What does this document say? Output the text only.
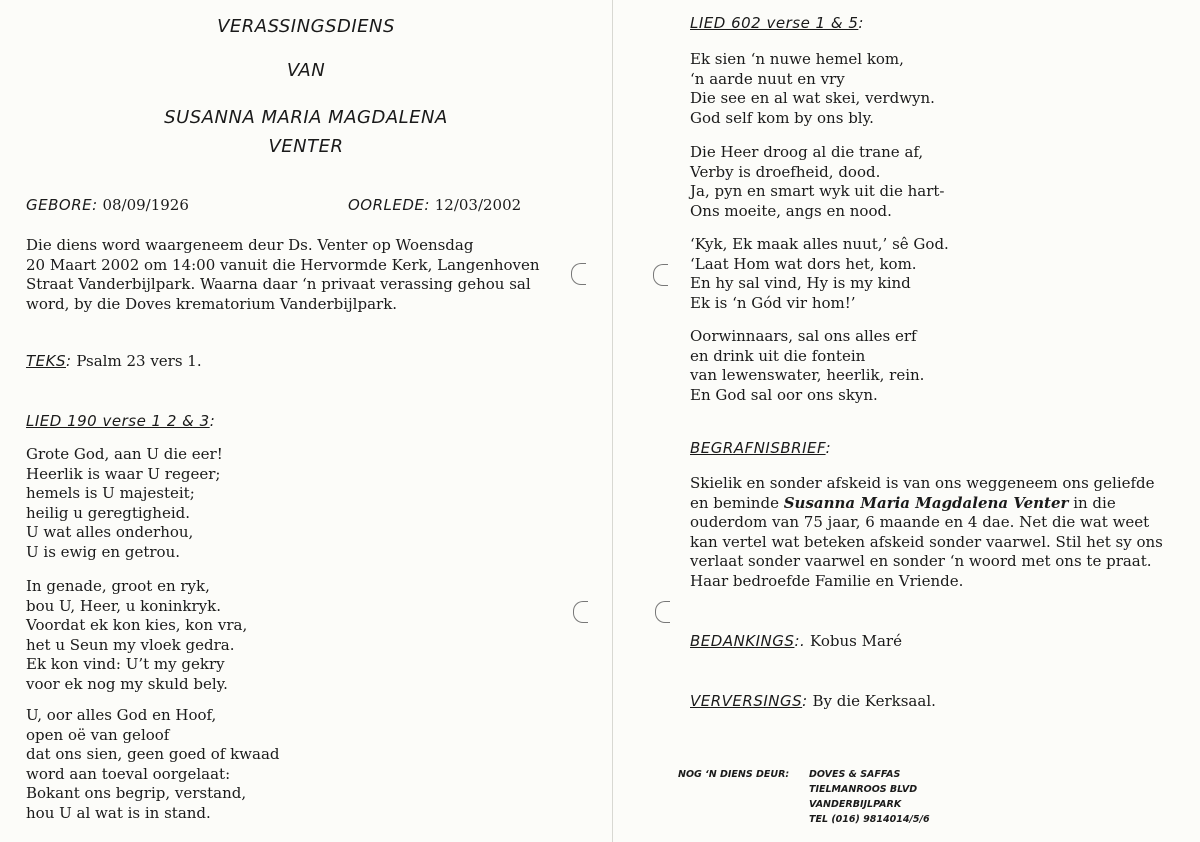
VERASSINGSDIENS
VAN
SUSANNA MARIA MAGDALENA
VENTER
GEBORE: 08/09/1926	OORLEDE: 12/03/2002
Die diens word waargeneem deur Ds. Venter op Woensdag
20 Maart 2002 om 14:00 vanuit die Hervormde Kerk, Langenhoven
Straat Vanderbijlpark. Waarna daar ‘n privaat verassing gehou sal
word, by die Doves krematorium Vanderbijlpark.
TEKS: Psalm 23 vers 1.
LIED 190 verse 1 2 & 3:
Grote God, aan U die eer!
Heerlik is waar U regeer;
hemels is U majesteit;
heilig u geregtigheid.
U wat alles onderhou,
U is ewig en getrou.
In genade, groot en ryk,
bou U, Heer, u koninkryk.
Voordat ek kon kies, kon vra,
het u Seun my vloek gedra.
Ek kon vind: U’t my gekry
voor ek nog my skuld bely.
U, oor alles God en Hoof,
open oë van geloof
dat ons sien, geen goed of kwaad
word aan toeval oorgelaat:
Bokant ons begrip, verstand,
hou U al wat is in stand.
LIED 602 verse 1 & 5:
Ek sien ‘n nuwe hemel kom,
‘n aarde nuut en vry
Die see en al wat skei, verdwyn.
God self kom by ons bly.
Die Heer droog al die trane af,
Verby is droefheid, dood.
Ja, pyn en smart wyk uit die hart-
Ons moeite, angs en nood.
‘Kyk, Ek maak alles nuut,’ sê God.
‘Laat Hom wat dors het, kom.
En hy sal vind, Hy is my kind
Ek is ‘n Gód vir hom!’
Oorwinnaars, sal ons alles erf
en drink uit die fontein
van lewenswater, heerlik, rein.
En God sal oor ons skyn.
BEGRAFNISBRIEF:
Skielik en sonder afskeid is van ons weggeneem ons geliefde
en beminde Susanna Maria Magdalena Venter in die
ouderdom van 75 jaar, 6 maande en 4 dae. Net die wat weet
kan vertel wat beteken afskeid sonder vaarwel. Stil het sy ons
verlaat sonder vaarwel en sonder ‘n woord met ons te praat.
Haar bedroefde Familie en Vriende.
BEDANKINGS:. Kobus Maré
VERVERSINGS: By die Kerksaal.
NOG ‘N DIENS DEUR: DOVES & SAFFAS
TIELMANROOS BLVD
VANDERBIJLPARK
TEL (016) 9814014/5/6
